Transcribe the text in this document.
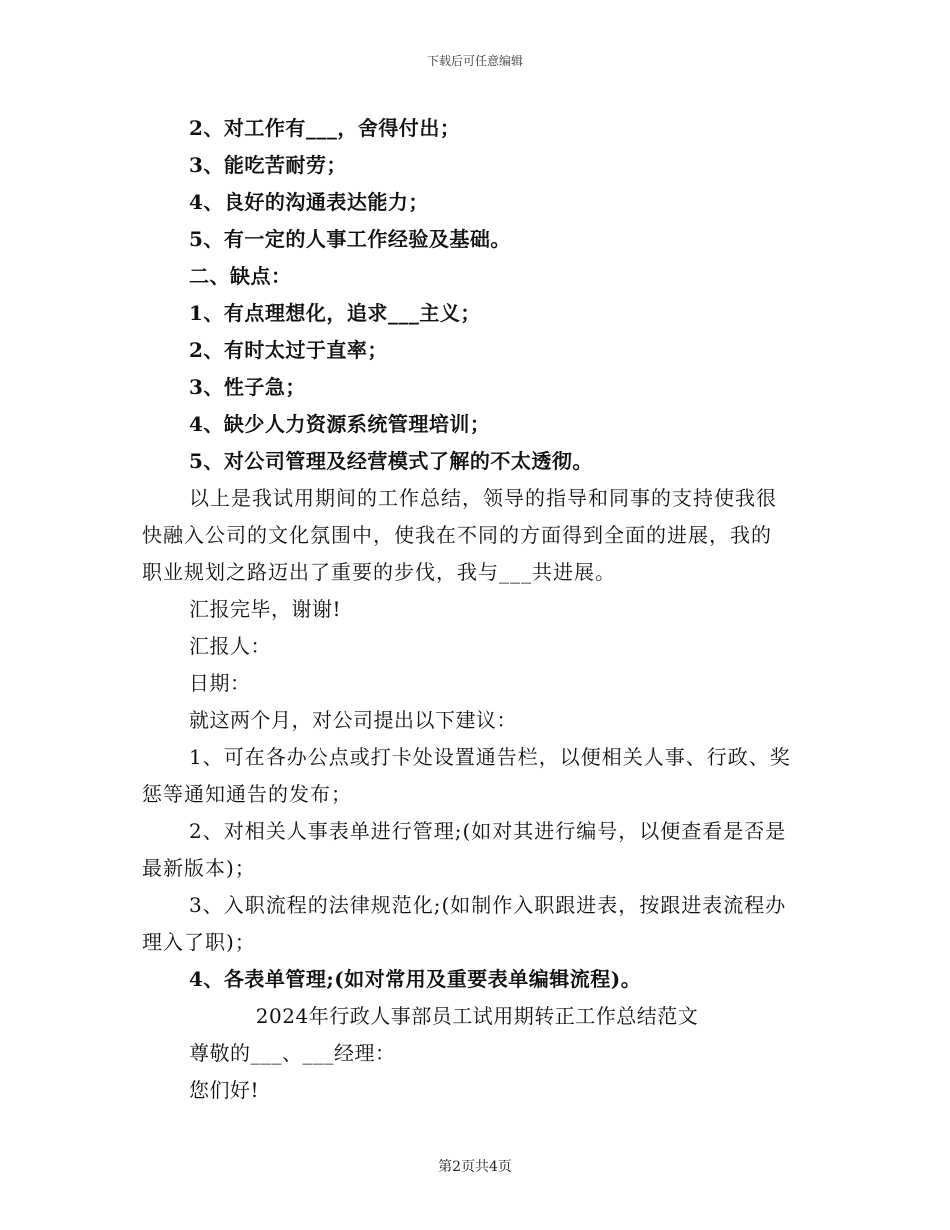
下载后可任意编辑
2、对工作有___，舍得付出；
3、能吃苦耐劳；
4、良好的沟通表达能力；
5、有一定的人事工作经验及基础。
二、缺点：
1、有点理想化，追求___主义；
2、有时太过于直率；
3、性子急；
4、缺少人力资源系统管理培训；
5、对公司管理及经营模式了解的不太透彻。
以上是我试用期间的工作总结，领导的指导和同事的支持使我很
快融入公司的文化氛围中，使我在不同的方面得到全面的进展，我的
职业规划之路迈出了重要的步伐，我与___共进展。
汇报完毕，谢谢!
汇报人：
日期：
就这两个月，对公司提出以下建议：
1、可在各办公点或打卡处设置通告栏，以便相关人事、行政、奖
惩等通知通告的发布；
2、对相关人事表单进行管理;(如对其进行编号，以便查看是否是
最新版本)；
3、入职流程的法律规范化;(如制作入职跟进表，按跟进表流程办
理入了职)；
4、各表单管理;(如对常用及重要表单编辑流程)。
2024年行政人事部员工试用期转正工作总结范文
尊敬的___、___经理：
您们好!
第2页共4页
